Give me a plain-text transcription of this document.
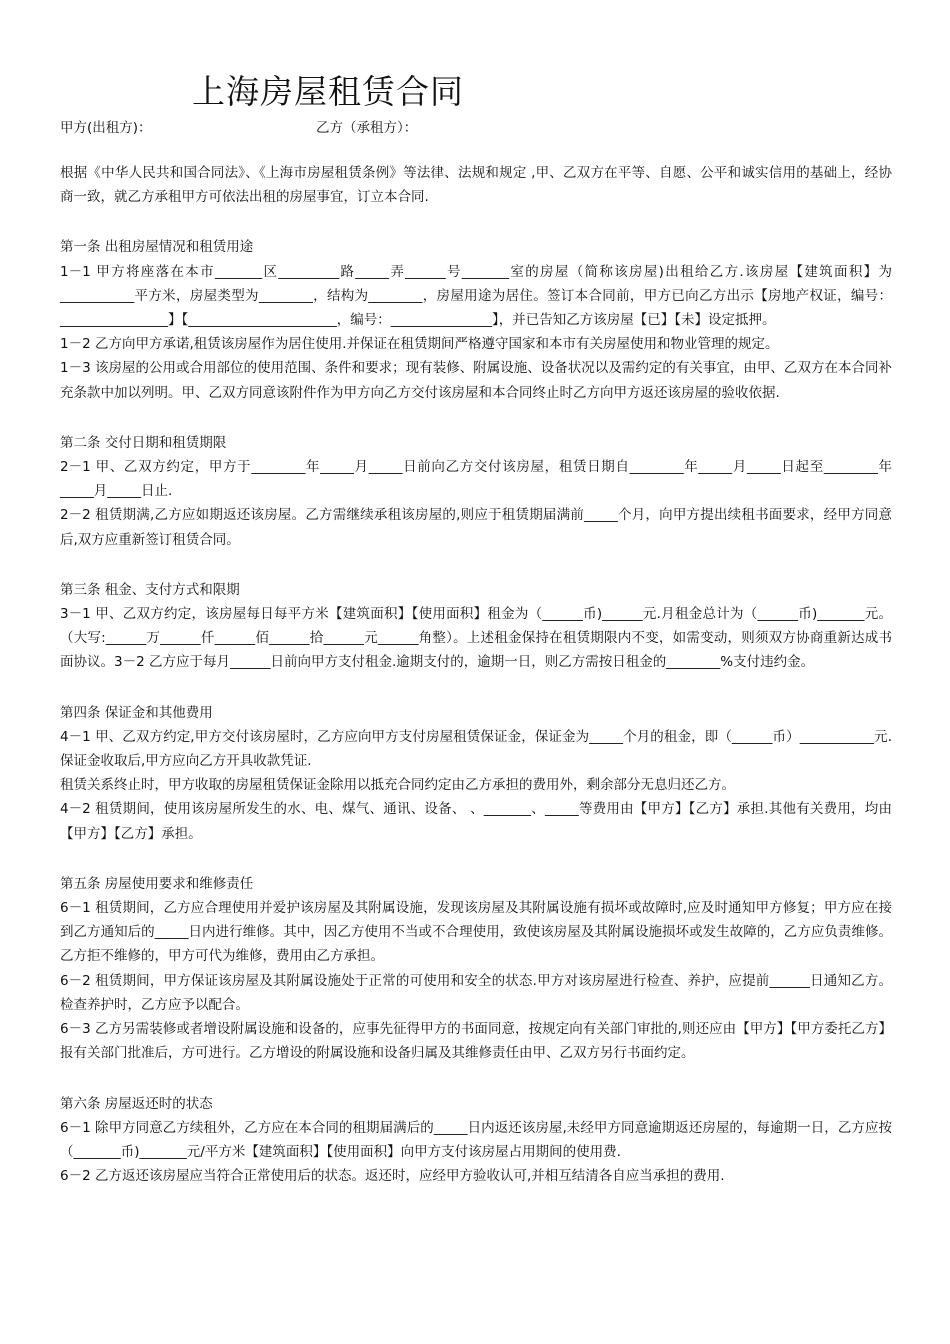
上海房屋租赁合同
甲方(出租方)：	乙方（承租方）：

根据《中华人民共和国合同法》、《上海市房屋租赁条例》等法律、法规和规定 ,甲、乙双方在平等、自愿、公平和诚实信用的基础上，经协商一致，就乙方承租甲方可依法出租的房屋事宜，订立本合同.

第一条 出租房屋情况和租赁用途

1－1 甲方将座落在本市_______区_________路_____弄______号_______室的房屋（简称该房屋)出租给乙方.该房屋【建筑面积】为___________平方米，房屋类型为________，结构为________，房屋用途为居住。签订本合同前，甲方已向乙方出示【房地产权证，编号：________________】【______________________，编号：_______________】，并已告知乙方该房屋【已】【未】设定抵押。

1－2 乙方向甲方承诺,租赁该房屋作为居住使用.并保证在租赁期间严格遵守国家和本市有关房屋使用和物业管理的规定。

1－3 该房屋的公用或合用部位的使用范围、条件和要求；现有装修、附属设施、设备状况以及需约定的有关事宜，由甲、乙双方在本合同补充条款中加以列明。甲、乙双方同意该附件作为甲方向乙方交付该房屋和本合同终止时乙方向甲方返还该房屋的验收依据.

第二条 交付日期和租赁期限

2－1 甲、乙双方约定，甲方于________年_____月_____日前向乙方交付该房屋，租赁日期自________年_____月_____日起至________年_____月_____日止.

2－2 租赁期满,乙方应如期返还该房屋。乙方需继续承租该房屋的,则应于租赁期届满前_____个月，向甲方提出续租书面要求，经甲方同意后,双方应重新签订租赁合同。

第三条 租金、支付方式和限期

3－1 甲、乙双方约定，该房屋每日每平方米【建筑面积】【使用面积】租金为（______币)______元.月租金总计为（______币)_______元。（大写:______万______仟______佰______拾______元______角整）。上述租金保持在租赁期限内不变，如需变动，则须双方协商重新达成书面协议。3－2 乙方应于每月______日前向甲方支付租金.逾期支付的，逾期一日，则乙方需按日租金的________%支付违约金。

第四条 保证金和其他费用

4－1 甲、乙双方约定,甲方交付该房屋时，乙方应向甲方支付房屋租赁保证金，保证金为_____个月的租金，即（______币）___________元.保证金收取后,甲方应向乙方开具收款凭证.

租赁关系终止时，甲方收取的房屋租赁保证金除用以抵充合同约定由乙方承担的费用外，剩余部分无息归还乙方。

4－2 租赁期间，使用该房屋所发生的水、电、煤气、通讯、设备、 、_______、_____等费用由【甲方】【乙方】承担.其他有关费用，均由【甲方】【乙方】承担。

第五条 房屋使用要求和维修责任

6－1 租赁期间，乙方应合理使用并爱护该房屋及其附属设施，发现该房屋及其附属设施有损坏或故障时,应及时通知甲方修复；甲方应在接到乙方通知后的_____日内进行维修。其中，因乙方使用不当或不合理使用，致使该房屋及其附属设施损坏或发生故障的，乙方应负责维修。乙方拒不维修的，甲方可代为维修，费用由乙方承担。

6－2 租赁期间，甲方保证该房屋及其附属设施处于正常的可使用和安全的状态.甲方对该房屋进行检查、养护，应提前______日通知乙方。检查养护时，乙方应予以配合。

6－3 乙方另需装修或者增设附属设施和设备的，应事先征得甲方的书面同意，按规定向有关部门审批的,则还应由【甲方】【甲方委托乙方】报有关部门批准后，方可进行。乙方增设的附属设施和设备归属及其维修责任由甲、乙双方另行书面约定。

第六条 房屋返还时的状态

6－1 除甲方同意乙方续租外，乙方应在本合同的租期届满后的_____日内返还该房屋,未经甲方同意逾期返还房屋的，每逾期一日，乙方应按（_______币)_______元/平方米【建筑面积】【使用面积】向甲方支付该房屋占用期间的使用费.

6－2 乙方返还该房屋应当符合正常使用后的状态。返还时，应经甲方验收认可,并相互结清各自应当承担的费用.
